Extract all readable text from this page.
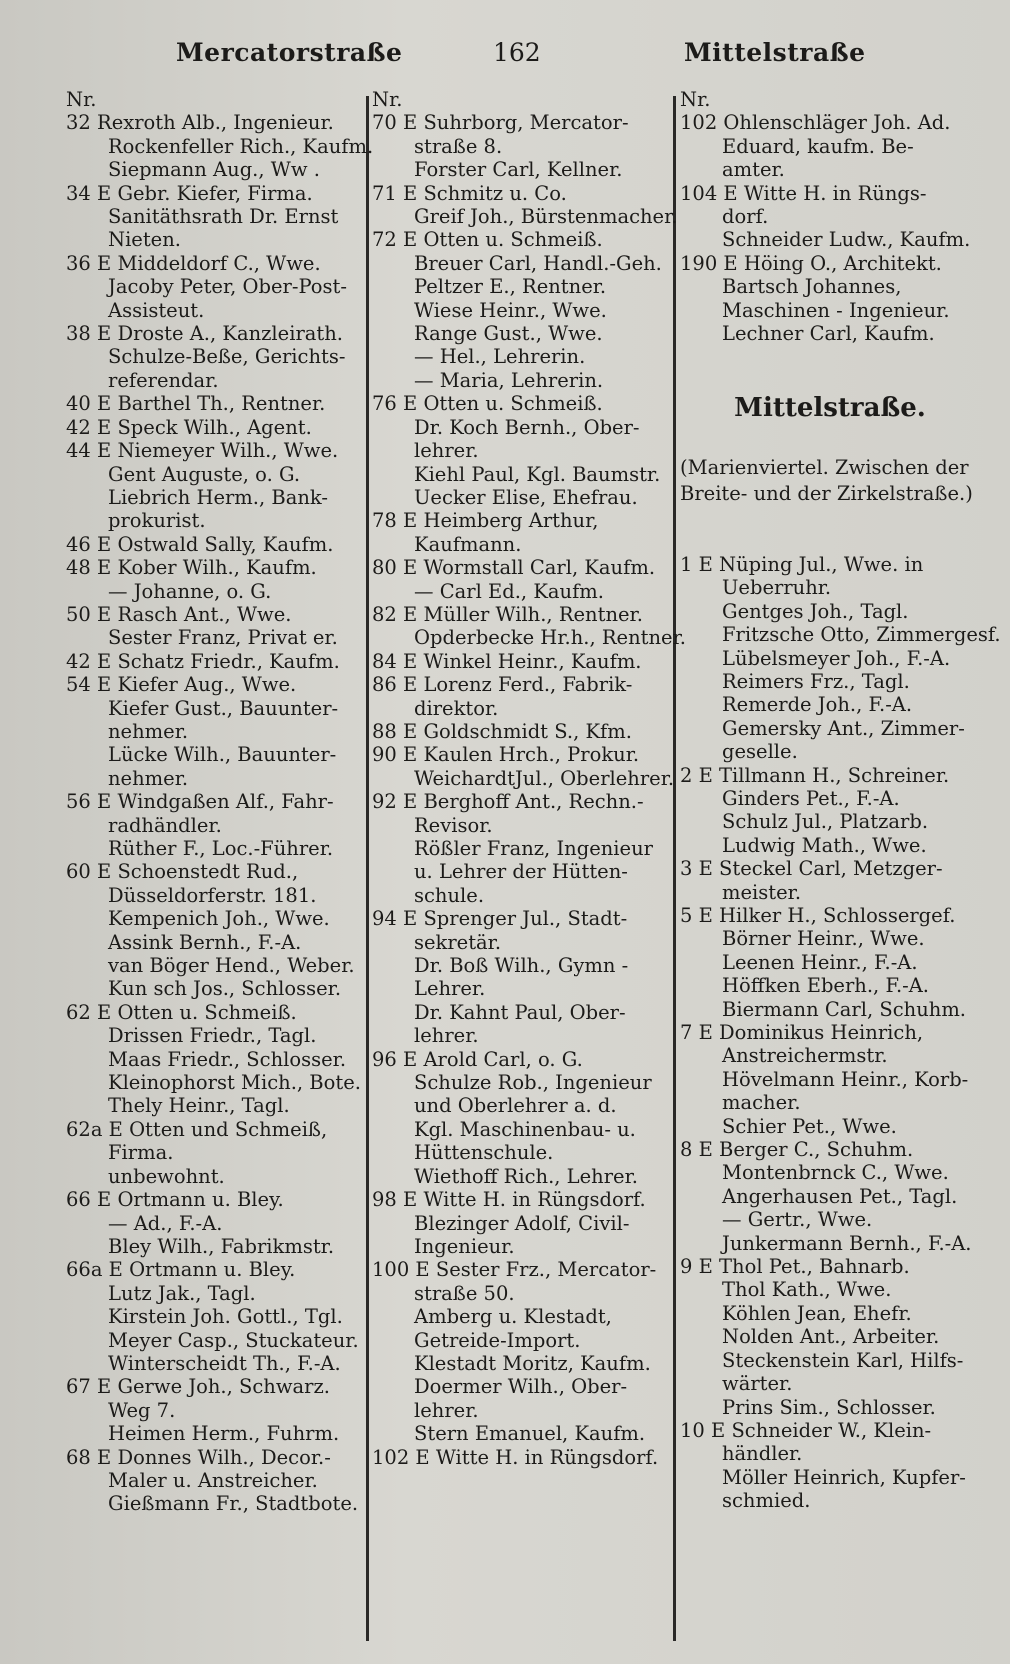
Mercatorstraße	162	Mittelstraße
Nr.
32 Rexroth Alb., Ingenieur.
Rockenfeller Rich., Kaufm.
Siepmann Aug., Ww .
34 E Gebr. Kiefer, Firma.
Sanitäthsrath Dr. Ernst
Nieten.
36 E Middeldorf C., Wwe.
Jacoby Peter, Ober-Post-
Assisteut.
38 E Droste A., Kanzleirath.
Schulze-Beße, Gerichts-
referendar.
40 E Barthel Th., Rentner.
42 E Speck Wilh., Agent.
44 E Niemeyer Wilh., Wwe.
Gent Auguste, o. G.
Liebrich Herm., Bank-
prokurist.
46 E Ostwald Sally, Kaufm.
48 E Kober Wilh., Kaufm.
— Johanne, o. G.
50 E Rasch Ant., Wwe.
Sester Franz, Privat er.
42 E Schatz Friedr., Kaufm.
54 E Kiefer Aug., Wwe.
Kiefer Gust., Bauunter-
nehmer.
Lücke Wilh., Bauunter-
nehmer.
56 E Windgaßen Alf., Fahr-
radhändler.
Rüther F., Loc.-Führer.
60 E Schoenstedt Rud.,
Düsseldorferstr. 181.
Kempenich Joh., Wwe.
Assink Bernh., F.-A.
van Böger Hend., Weber.
Kun sch Jos., Schlosser.
62 E Otten u. Schmeiß.
Drissen Friedr., Tagl.
Maas Friedr., Schlosser.
Kleinophorst Mich., Bote.
Thely Heinr., Tagl.
62a E Otten und Schmeiß,
Firma.
unbewohnt.
66 E Ortmann u. Bley.
— Ad., F.-A.
Bley Wilh., Fabrikmstr.
66a E Ortmann u. Bley.
Lutz Jak., Tagl.
Kirstein Joh. Gottl., Tgl.
Meyer Casp., Stuckateur.
Winterscheidt Th., F.-A.
67 E Gerwe Joh., Schwarz.
Weg 7.
Heimen Herm., Fuhrm.
68 E Donnes Wilh., Decor.-
Maler u. Anstreicher.
Gießmann Fr., Stadtbote.
Nr.
70 E Suhrborg, Mercator-
straße 8.
Forster Carl, Kellner.
71 E Schmitz u. Co.
Greif Joh., Bürstenmacher.
72 E Otten u. Schmeiß.
Breuer Carl, Handl.-Geh.
Peltzer E., Rentner.
Wiese Heinr., Wwe.
Range Gust., Wwe.
— Hel., Lehrerin.
— Maria, Lehrerin.
76 E Otten u. Schmeiß.
Dr. Koch Bernh., Ober-
lehrer.
Kiehl Paul, Kgl. Baumstr.
Uecker Elise, Ehefrau.
78 E Heimberg Arthur,
Kaufmann.
80 E Wormstall Carl, Kaufm.
— Carl Ed., Kaufm.
82 E Müller Wilh., Rentner.
Opderbecke Hr.h., Rentner.
84 E Winkel Heinr., Kaufm.
86 E Lorenz Ferd., Fabrik-
direktor.
88 E Goldschmidt S., Kfm.
90 E Kaulen Hrch., Prokur.
WeichardtJul., Oberlehrer.
92 E Berghoff Ant., Rechn.-
Revisor.
Rößler Franz, Ingenieur
u. Lehrer der Hütten-
schule.
94 E Sprenger Jul., Stadt-
sekretär.
Dr. Boß Wilh., Gymn -
Lehrer.
Dr. Kahnt Paul, Ober-
lehrer.
96 E Arold Carl, o. G.
Schulze Rob., Ingenieur
und Oberlehrer a. d.
Kgl. Maschinenbau- u.
Hüttenschule.
Wiethoff Rich., Lehrer.
98 E Witte H. in Rüngsdorf.
Blezinger Adolf, Civil-
Ingenieur.
100 E Sester Frz., Mercator-
straße 50.
Amberg u. Klestadt,
Getreide-Import.
Klestadt Moritz, Kaufm.
Doermer Wilh., Ober-
lehrer.
Stern Emanuel, Kaufm.
102 E Witte H. in Rüngsdorf.
Nr.
102 Ohlenschläger Joh. Ad.
Eduard, kaufm. Be-
amter.
104 E Witte H. in Rüngs-
dorf.
Schneider Ludw., Kaufm.
190 E Höing O., Architekt.
Bartsch Johannes,
Maschinen - Ingenieur.
Lechner Carl, Kaufm.
Mittelstraße.
(Marienviertel. Zwischen der
Breite- und der Zirkelstraße.)
1 E Nüping Jul., Wwe. in
Ueberruhr.
Gentges Joh., Tagl.
Fritzsche Otto, Zimmergesf.
Lübelsmeyer Joh., F.-A.
Reimers Frz., Tagl.
Remerde Joh., F.-A.
Gemersky Ant., Zimmer-
geselle.
2 E Tillmann H., Schreiner.
Ginders Pet., F.-A.
Schulz Jul., Platzarb.
Ludwig Math., Wwe.
3 E Steckel Carl, Metzger-
meister.
5 E Hilker H., Schlossergef.
Börner Heinr., Wwe.
Leenen Heinr., F.-A.
Höffken Eberh., F.-A.
Biermann Carl, Schuhm.
7 E Dominikus Heinrich,
Anstreichermstr.
Hövelmann Heinr., Korb-
macher.
Schier Pet., Wwe.
8 E Berger C., Schuhm.
Montenbrnck C., Wwe.
Angerhausen Pet., Tagl.
— Gertr., Wwe.
Junkermann Bernh., F.-A.
9 E Thol Pet., Bahnarb.
Thol Kath., Wwe.
Köhlen Jean, Ehefr.
Nolden Ant., Arbeiter.
Steckenstein Karl, Hilfs-
wärter.
Prins Sim., Schlosser.
10 E Schneider W., Klein-
händler.
Möller Heinrich, Kupfer-
schmied.
